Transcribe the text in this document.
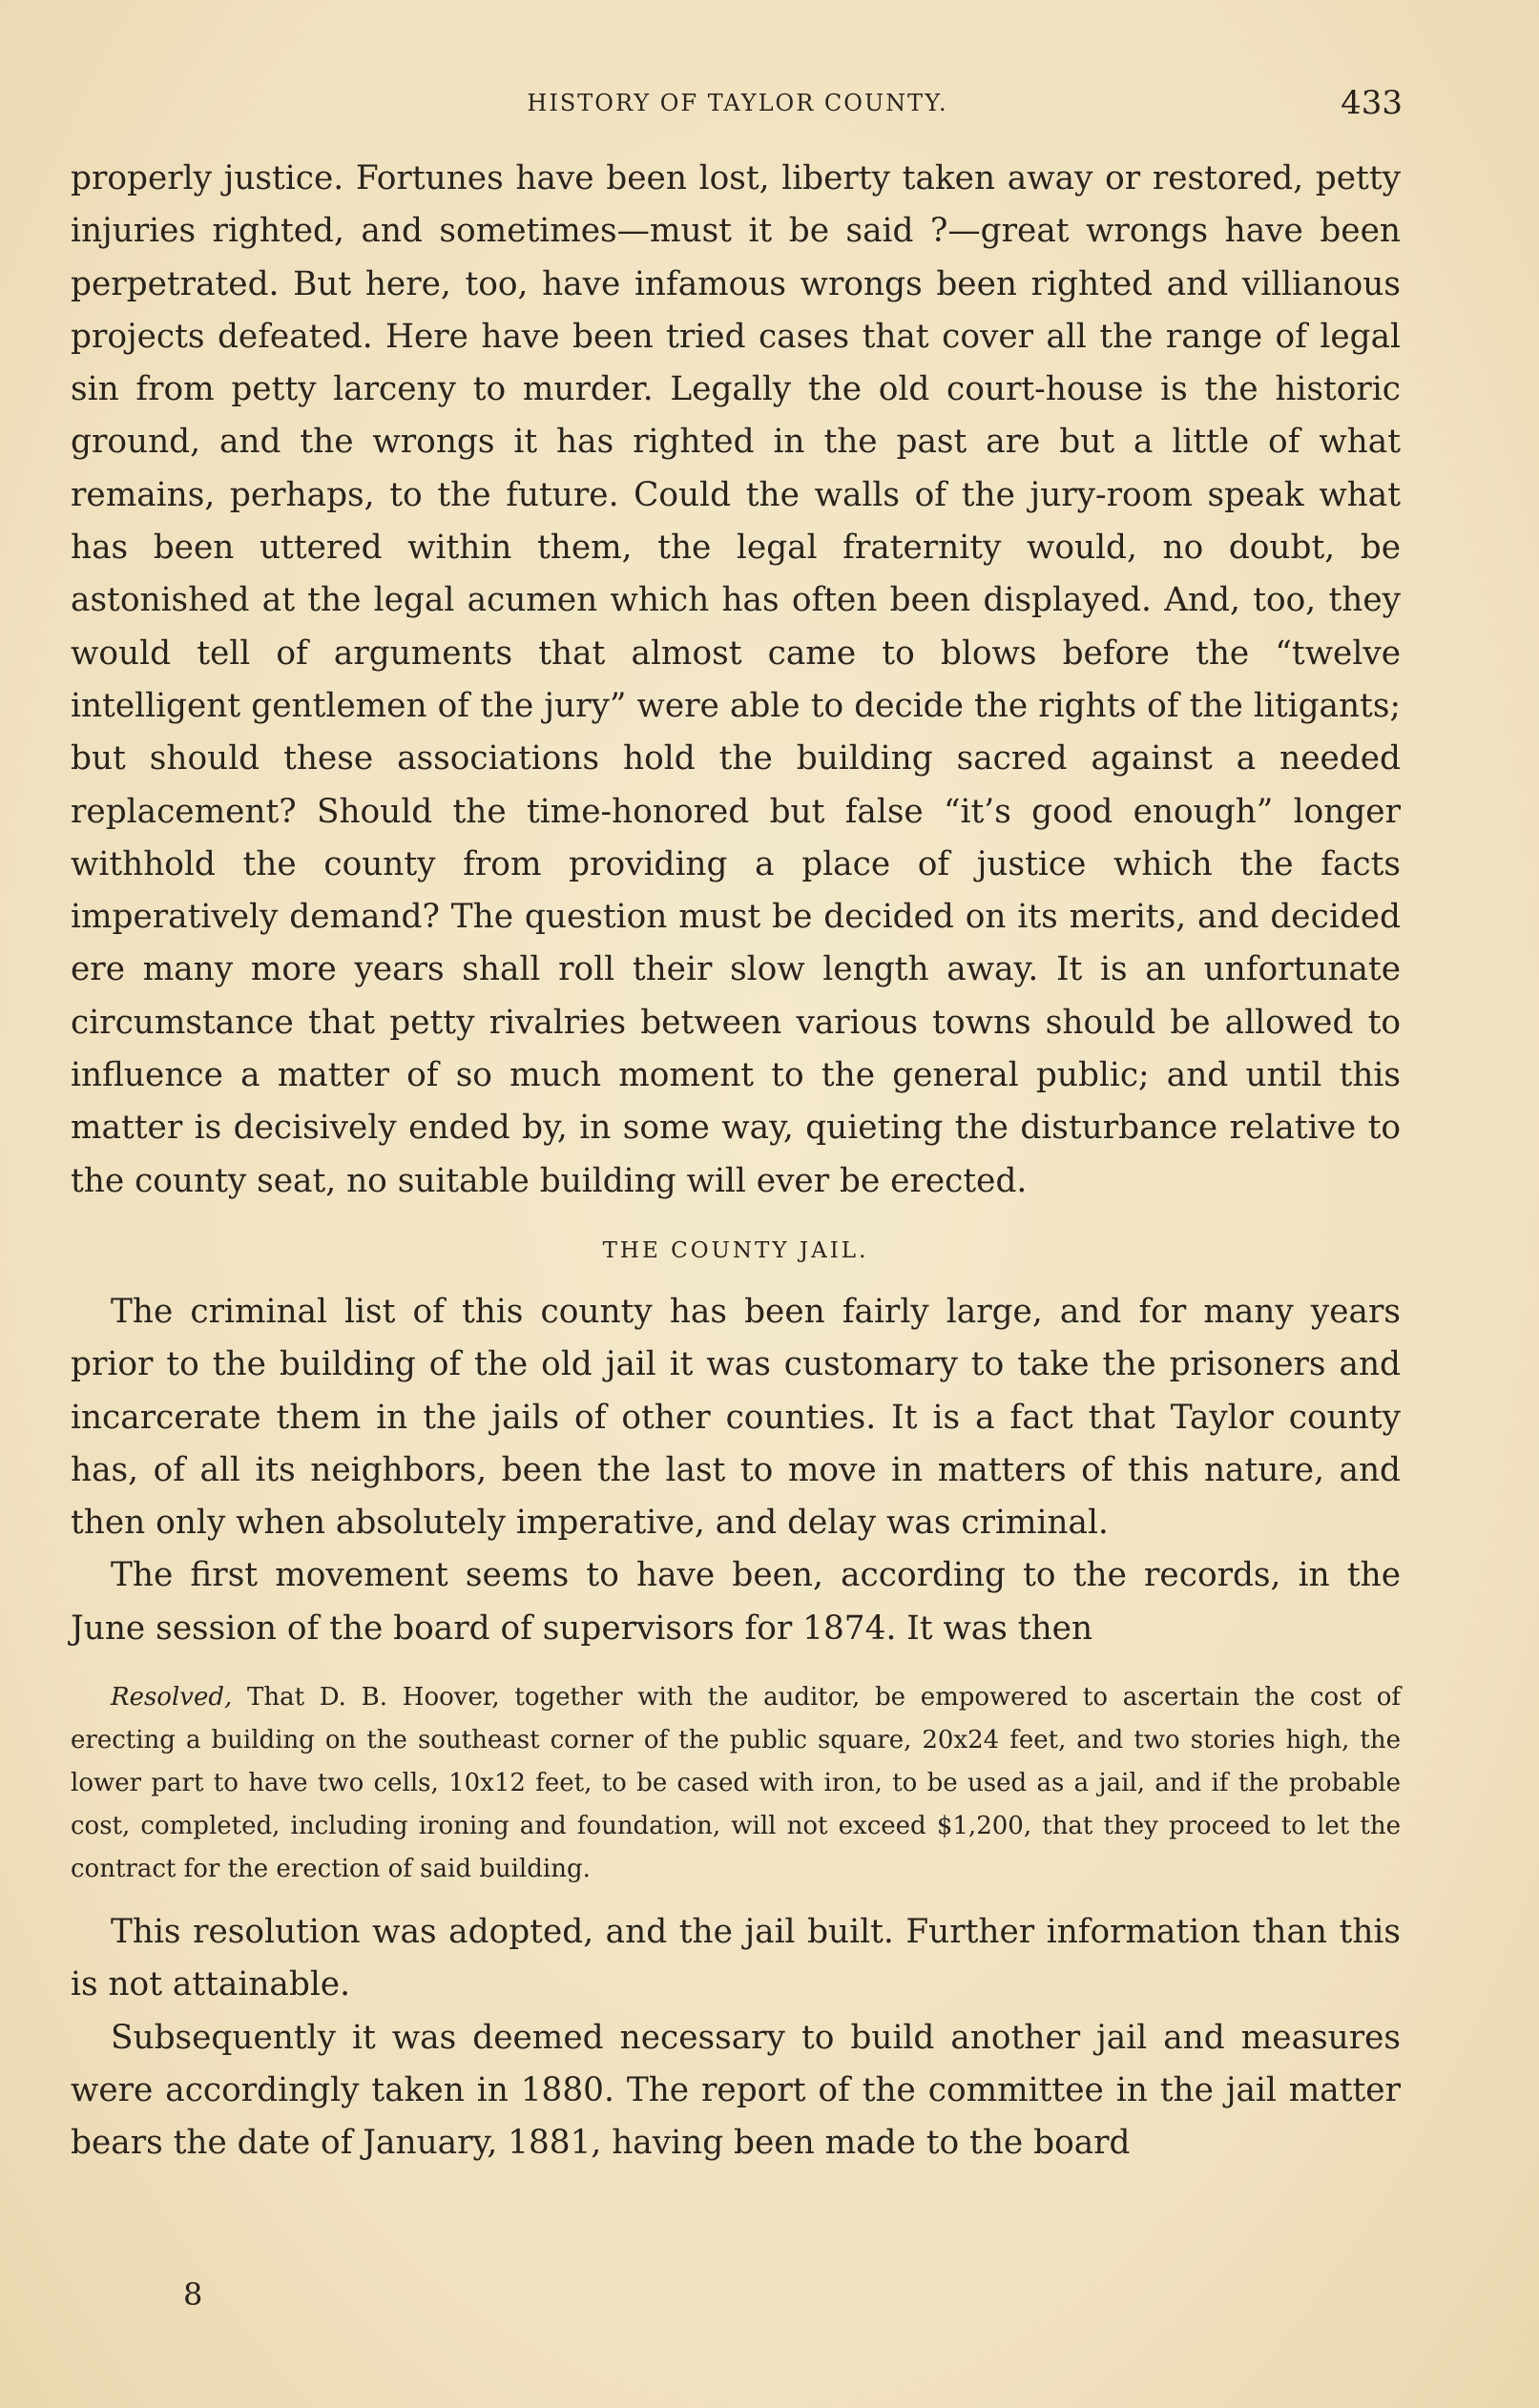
HISTORY OF TAYLOR COUNTY.	433

properly justice. Fortunes have been lost, liberty taken away or restored, petty injuries righted, and sometimes—must it be said ?—great wrongs have been perpetrated. But here, too, have infamous wrongs been righted and villianous projects defeated. Here have been tried cases that cover all the range of legal sin from petty larceny to murder. Legally the old court-house is the historic ground, and the wrongs it has righted in the past are but a little of what remains, perhaps, to the future. Could the walls of the jury-room speak what has been uttered within them, the legal fraternity would, no doubt, be astonished at the legal acumen which has often been displayed. And, too, they would tell of arguments that almost came to blows before the “twelve intelligent gentlemen of the jury” were able to decide the rights of the litigants; but should these associations hold the building sacred against a needed replacement? Should the time-honored but false “it’s good enough” longer withhold the county from providing a place of justice which the facts imperatively demand? The question must be decided on its merits, and decided ere many more years shall roll their slow length away. It is an unfortunate circumstance that petty rivalries between various towns should be allowed to influence a matter of so much moment to the general public; and until this matter is decisively ended by, in some way, quieting the disturbance relative to the county seat, no suitable building will ever be erected.

THE COUNTY JAIL.

The criminal list of this county has been fairly large, and for many years prior to the building of the old jail it was customary to take the prisoners and incarcerate them in the jails of other counties. It is a fact that Taylor county has, of all its neighbors, been the last to move in matters of this nature, and then only when absolutely imperative, and delay was criminal.

The first movement seems to have been, according to the records, in the June session of the board of supervisors for 1874. It was then

Resolved, That D. B. Hoover, together with the auditor, be empowered to ascertain the cost of erecting a building on the southeast corner of the public square, 20x24 feet, and two stories high, the lower part to have two cells, 10x12 feet, to be cased with iron, to be used as a jail, and if the probable cost, completed, including ironing and foundation, will not exceed $1,200, that they proceed to let the contract for the erection of said building.

This resolution was adopted, and the jail built. Further information than this is not attainable.

Subsequently it was deemed necessary to build another jail and measures were accordingly taken in 1880. The report of the committee in the jail matter bears the date of January, 1881, having been made to the board

8
